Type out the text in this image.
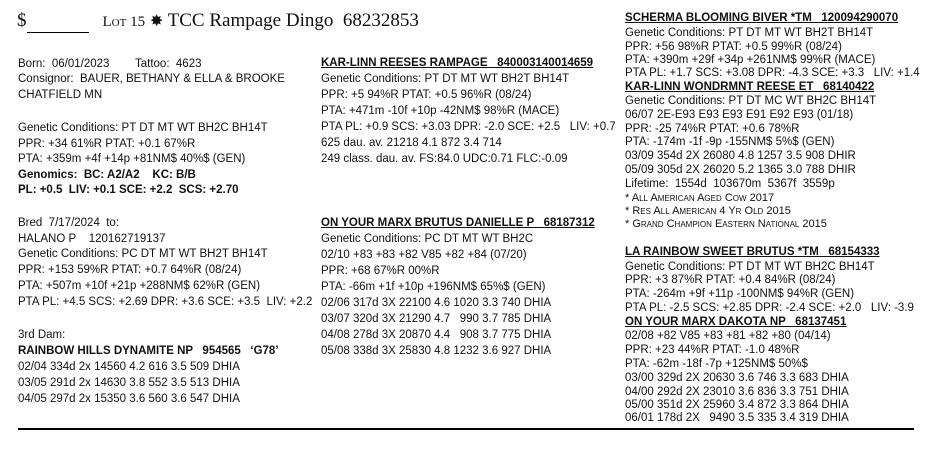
$	Lot 15 ✸ TCC Rampage Dingo 68232853
Born:  06/01/2023 Tattoo:  4623
Consignor:  BAUER, BETHANY & ELLA & BROOKE
CHATFIELD MN
Genetic Conditions: PT DT MT WT BH2C BH14T
PPR: +34 61%R PTAT: +0.1 67%R
PTA: +359m +4f +14p +81NM$ 40%$ (GEN)
Genomics:  BC: A2/A2    KC: B/B
PL: +0.5  LIV: +0.1 SCE: +2.2  SCS: +2.70
Bred  7/17/2024  to:
HALANO P    120162719137
Genetic Conditions: PC DT MT WT BH2T BH14T
PPR: +153 59%R PTAT: +0.7 64%R (08/24)
PTA: +507m +10f +21p +288NM$ 62%R (GEN)
PTA PL: +4.5 SCS: +2.69 DPR: +3.6 SCE: +3.5  LIV: +2.2
3rd Dam:
RAINBOW HILLS DYNAMITE NP   954565   ‘G78’
02/04 334d 2x 14560 4.2 616 3.5 509 DHIA
03/05 291d 2x 14630 3.8 552 3.5 513 DHIA
04/05 297d 2x 15350 3.6 560 3.6 547 DHIA
KAR-LINN REESES RAMPAGE   840003140014659
Genetic Conditions: PT DT MT WT BH2T BH14T
PPR: +5 94%R PTAT: +0.5 96%R (08/24)
PTA: +471m -10f +10p -42NM$ 98%R (MACE)
PTA PL: +0.9 SCS: +3.03 DPR: -2.0 SCE: +2.5   LIV: +0.7
625 dau. av. 21218 4.1 872 3.4 714
249 class. dau. av. FS:84.0 UDC:0.71 FLC:-0.09
ON YOUR MARX BRUTUS DANIELLE P   68187312
Genetic Conditions: PC DT MT WT BH2C
02/10 +83 +83 +82 V85 +82 +84 (07/20)
PPR: +68 67%R 00%R
PTA: -66m +1f +10p +196NM$ 65%$ (GEN)
02/06 317d 3X 22100 4.6 1020 3.3 740 DHIA
03/07 320d 3X 21290 4.7   990 3.7 785 DHIA
04/08 278d 3X 20870 4.4   908 3.7 775 DHIA
05/08 338d 3X 25830 4.8 1232 3.6 927 DHIA
SCHERMA BLOOMING BIVER *TM   120094290070
Genetic Conditions: PT DT MT WT BH2T BH14T
PPR: +56 98%R PTAT: +0.5 99%R (08/24)
PTA: +390m +29f +34p +261NM$ 99%R (MACE)
PTA PL: +1.7 SCS: +3.08 DPR: -4.3 SCE: +3.3   LIV: +1.4
KAR-LINN WONDRMNT REESE ET   68140422
Genetic Conditions: PT DT MC WT BH2C BH14T
06/07 2E-E93 E93 E93 E91 E92 E93 (01/18)
PPR: -25 74%R PTAT: +0.6 78%R
PTA: -174m -1f -9p -155NM$ 5%$ (GEN)
03/09 354d 2X 26080 4.8 1257 3.5 908 DHIR
05/09 305d 2X 26020 5.2 1365 3.0 788 DHIR
Lifetime:  1554d  103670m  5367f  3559p
* All American Aged Cow 2017
* Res All American 4 Yr Old 2015
* Grand Champion Eastern National 2015
LA RAINBOW SWEET BRUTUS *TM   68154333
Genetic Conditions: PT DT MT WT BH2C BH14T
PPR: +3 87%R PTAT: +0.4 84%R (08/24)
PTA: -264m +9f +11p -100NM$ 94%R (GEN)
PTA PL: -2.5 SCS: +2.85 DPR: -2.4 SCE: +2.0   LIV: -3.9
ON YOUR MARX DAKOTA NP   68137451
02/08 +82 V85 +83 +81 +82 +80 (04/14)
PPR: +23 44%R PTAT: -1.0 48%R
PTA: -62m -18f -7p +125NM$ 50%$
03/00 329d 2X 20630 3.6 746 3.3 683 DHIA
04/00 292d 2X 23010 3.6 836 3.3 751 DHIA
05/00 351d 2X 25960 3.4 872 3.3 864 DHIA
06/01 178d 2X   9490 3.5 335 3.4 319 DHIA
